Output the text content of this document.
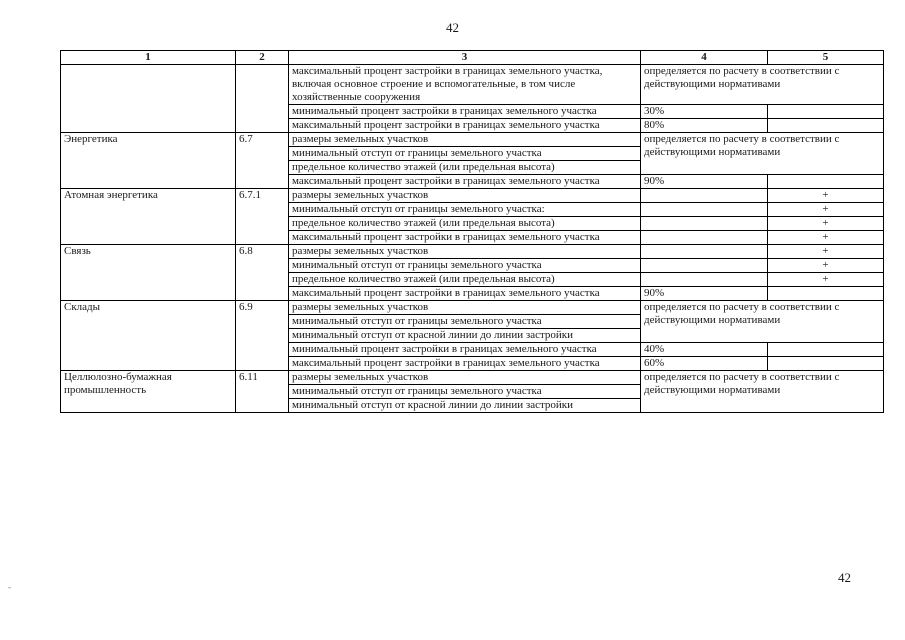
42
1	2	3	4	5
		максимальный процент застройки в границах земельного участка, включая основное строение и вспомогательные, в том числе хозяйственные сооружения	определяется по расчету в соответствии с действующими нормативами	
		минимальный процент застройки в границах земельного участка	30%	
		максимальный процент застройки в границах земельного участка	80%	
Энергетика	6.7	размеры земельных участков	определяется по расчету в соответствии с действующими нормативами	
		минимальный отступ от границы земельного участка		
		предельное количество этажей (или предельная высота)		
		максимальный процент застройки в границах земельного участка	90%	
Атомная энергетика	6.7.1	размеры земельных участков		+
		минимальный отступ от границы земельного участка:		+
		предельное количество этажей (или предельная высота)		+
		максимальный процент застройки в границах земельного участка		+
Связь	6.8	размеры земельных участков		+
		минимальный отступ от границы земельного участка		+
		предельное количество этажей (или предельная высота)		+
		максимальный процент застройки в границах земельного участка	90%	
Склады	6.9	размеры земельных участков	определяется по расчету в соответствии с действующими нормативами	
		минимальный отступ от границы земельного участка		
		минимальный отступ от красной линии до линии застройки		
		минимальный процент застройки в границах земельного участка	40%	
		максимальный процент застройки в границах земельного участка	60%	
Целлюлозно-бумажная промышленность	6.11	размеры земельных участков	определяется по расчету в соответствии с действующими нормативами	
		минимальный отступ от границы земельного участка		
		минимальный отступ от красной линии до линии застройки		
42
-
